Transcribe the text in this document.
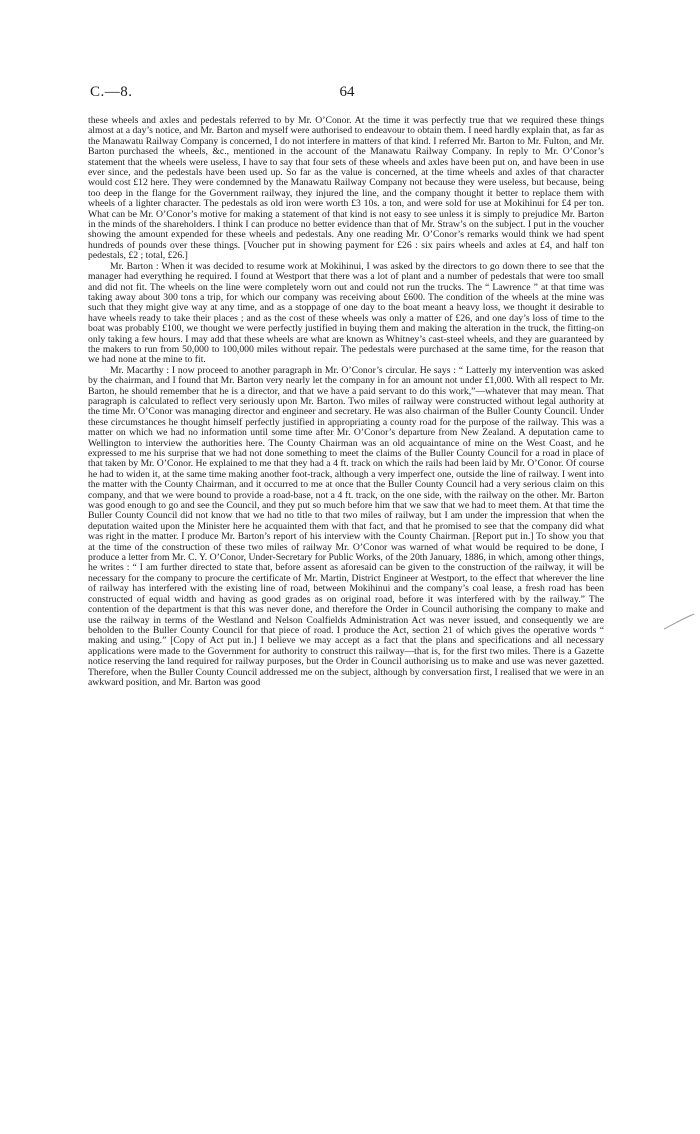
C.—8.	64

these wheels and axles and pedestals referred to by Mr. O’Conor. At the time it was perfectly true that we required these things almost at a day’s notice, and Mr. Barton and myself were authorised to endeavour to obtain them. I need hardly explain that, as far as the Manawatu Railway Company is concerned, I do not interfere in matters of that kind. I referred Mr. Barton to Mr. Fulton, and Mr. Barton purchased the wheels, &c., mentioned in the account of the Manawatu Railway Company. In reply to Mr. O’Conor’s statement that the wheels were useless, I have to say that four sets of these wheels and axles have been put on, and have been in use ever since, and the pedestals have been used up. So far as the value is concerned, at the time wheels and axles of that character would cost £12 here. They were condemned by the Manawatu Railway Company not because they were useless, but because, being too deep in the flange for the Government railway, they injured the line, and the company thought it better to replace them with wheels of a lighter character. The pedestals as old iron were worth £3 10s. a ton, and were sold for use at Mokihinui for £4 per ton. What can be Mr. O’Conor’s motive for making a statement of that kind is not easy to see unless it is simply to prejudice Mr. Barton in the minds of the shareholders. I think I can produce no better evidence than that of Mr. Straw’s on the subject. I put in the voucher showing the amount expended for these wheels and pedestals. Any one reading Mr. O’Conor’s remarks would think we had spent hundreds of pounds over these things. [Voucher put in showing payment for £26 : six pairs wheels and axles at £4, and half ton pedestals, £2 ; total, £26.]

Mr. Barton : When it was decided to resume work at Mokihinui, I was asked by the directors to go down there to see that the manager had everything he required. I found at Westport that there was a lot of plant and a number of pedestals that were too small and did not fit. The wheels on the line were completely worn out and could not run the trucks. The “ Lawrence ” at that time was taking away about 300 tons a trip, for which our company was receiving about £600. The condition of the wheels at the mine was such that they might give way at any time, and as a stoppage of one day to the boat meant a heavy loss, we thought it desirable to have wheels ready to take their places ; and as the cost of these wheels was only a matter of £26, and one day’s loss of time to the boat was probably £100, we thought we were perfectly justified in buying them and making the alteration in the truck, the fitting-on only taking a few hours. I may add that these wheels are what are known as Whitney’s cast-steel wheels, and they are guaranteed by the makers to run from 50,000 to 100,000 miles without repair. The pedestals were purchased at the same time, for the reason that we had none at the mine to fit.

Mr. Macarthy : I now proceed to another paragraph in Mr. O’Conor’s circular. He says : “ Latterly my intervention was asked by the chairman, and I found that Mr. Barton very nearly let the company in for an amount not under £1,000. With all respect to Mr. Barton, he should remember that he is a director, and that we have a paid servant to do this work,”—whatever that may mean. That paragraph is calculated to reflect very seriously upon Mr. Barton. Two miles of railway were constructed without legal authority at the time Mr. O’Conor was managing director and engineer and secretary. He was also chairman of the Buller County Council. Under these circumstances he thought himself perfectly justified in appropriating a county road for the purpose of the railway. This was a matter on which we had no information until some time after Mr. O’Conor’s departure from New Zealand. A deputation came to Wellington to interview the authorities here. The County Chairman was an old acquaintance of mine on the West Coast, and he expressed to me his surprise that we had not done something to meet the claims of the Buller County Council for a road in place of that taken by Mr. O’Conor. He explained to me that they had a 4 ft. track on which the rails had been laid by Mr. O’Conor. Of course he had to widen it, at the same time making another foot-track, although a very imperfect one, outside the line of railway. I went into the matter with the County Chairman, and it occurred to me at once that the Buller County Council had a very serious claim on this company, and that we were bound to provide a road-base, not a 4 ft. track, on the one side, with the railway on the other. Mr. Barton was good enough to go and see the Council, and they put so much before him that we saw that we had to meet them. At that time the Buller County Council did not know that we had no title to that two miles of railway, but I am under the impression that when the deputation waited upon the Minister here he acquainted them with that fact, and that he promised to see that the company did what was right in the matter. I produce Mr. Barton’s report of his interview with the County Chairman. [Report put in.] To show you that at the time of the construction of these two miles of railway Mr. O’Conor was warned of what would be required to be done, I produce a letter from Mr. C. Y. O’Conor, Under-Secretary for Public Works, of the 20th January, 1886, in which, among other things, he writes : “ I am further directed to state that, before assent as aforesaid can be given to the construction of the railway, it will be necessary for the company to procure the certificate of Mr. Martin, District Engineer at Westport, to the effect that wherever the line of railway has interfered with the existing line of road, between Mokihinui and the company’s coal lease, a fresh road has been constructed of equal width and having as good grades as on original road, before it was interfered with by the railway.” The contention of the department is that this was never done, and therefore the Order in Council authorising the company to make and use the railway in terms of the Westland and Nelson Coalfields Administration Act was never issued, and consequently we are beholden to the Buller County Council for that piece of road. I produce the Act, section 21 of which gives the operative words “ making and using.” [Copy of Act put in.] I believe we may accept as a fact that the plans and specifications and all necessary applications were made to the Government for authority to construct this railway—that is, for the first two miles. There is a Gazette notice reserving the land required for railway purposes, but the Order in Council authorising us to make and use was never gazetted. Therefore, when the Buller County Council addressed me on the subject, although by conversation first, I realised that we were in an awkward position, and Mr. Barton was good
